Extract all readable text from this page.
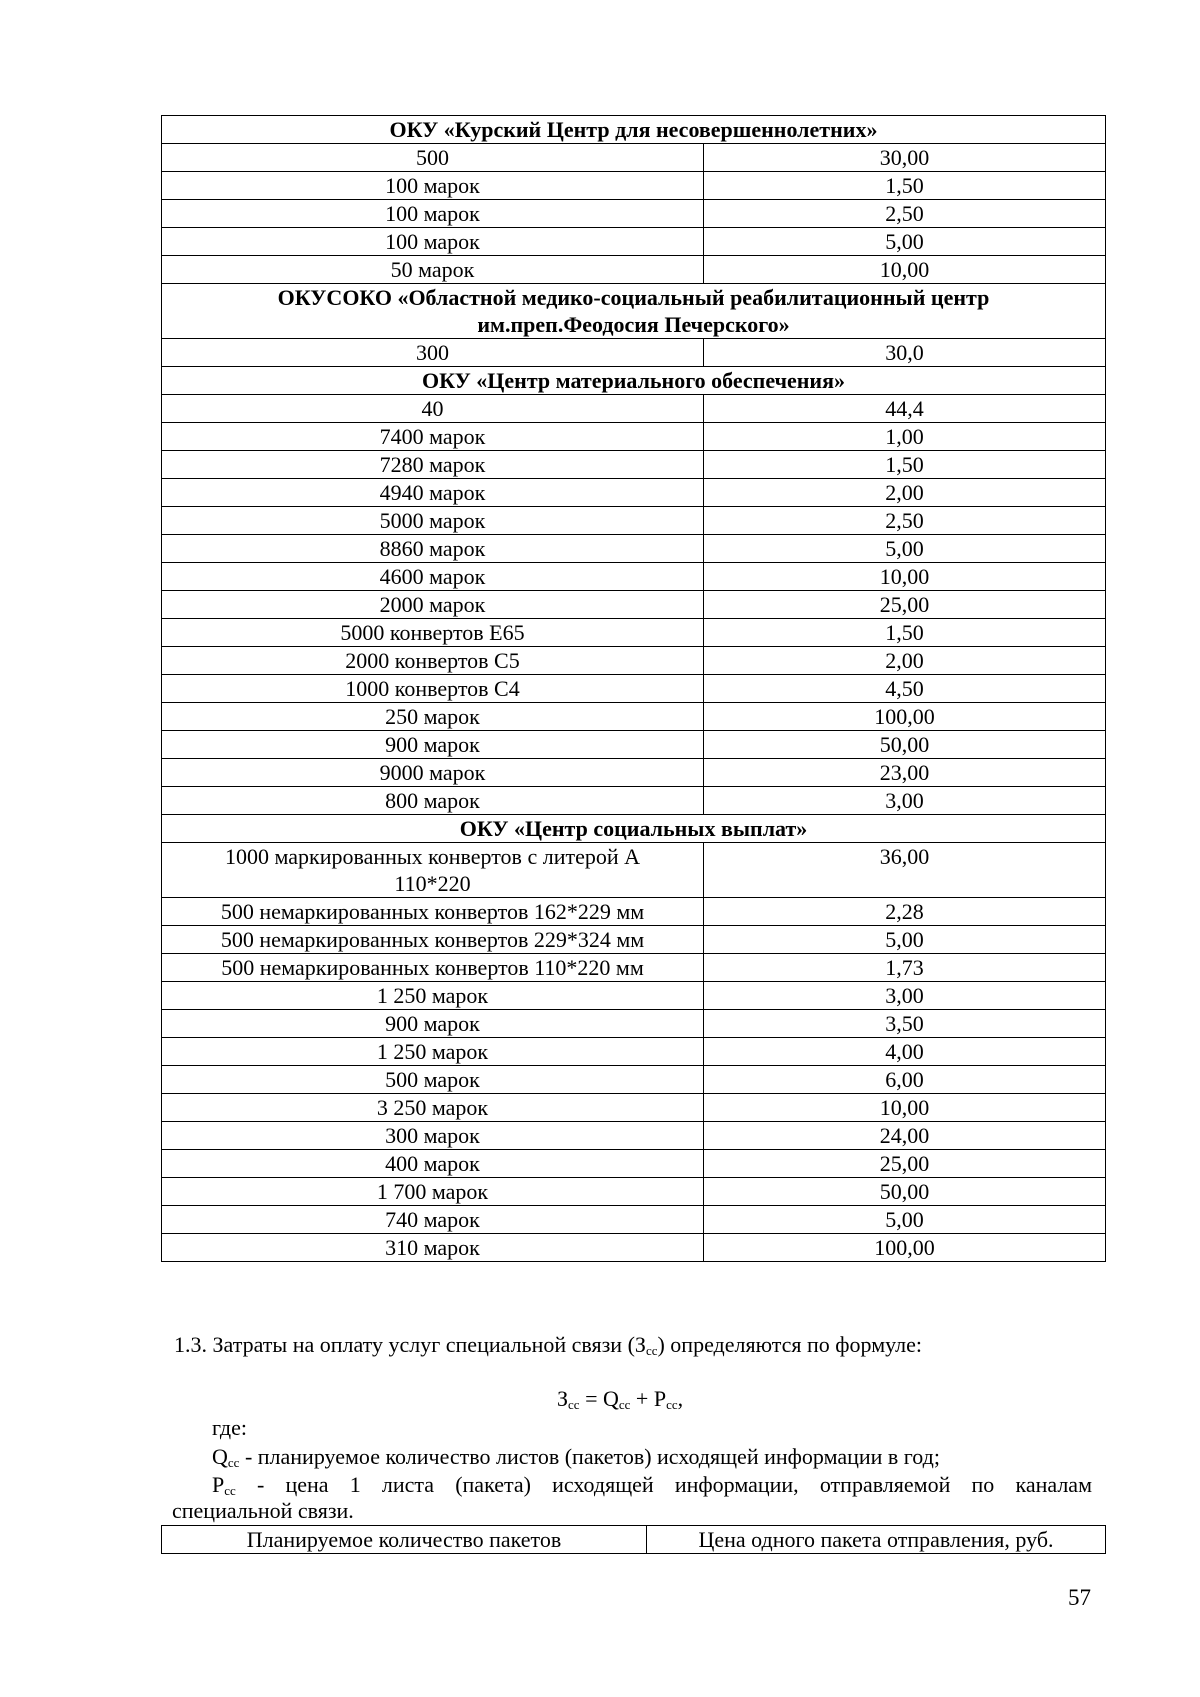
ОКУ «Курский Центр для несовершеннолетних»	
500	30,00
100 марок	1,50
100 марок	2,50
100 марок	5,00
50 марок	10,00
ОКУСОКО «Областной медико-социальный реабилитационный центр им.преп.Феодосия Печерского»	
300	30,0
ОКУ «Центр материального обеспечения»	
40	44,4
7400 марок	1,00
7280 марок	1,50
4940 марок	2,00
5000 марок	2,50
8860 марок	5,00
4600 марок	10,00
2000 марок	25,00
5000 конвертов Е65	1,50
2000 конвертов С5	2,00
1000 конвертов С4	4,50
250 марок	100,00
900 марок	50,00
9000 марок	23,00
800 марок	3,00
ОКУ «Центр социальных выплат»	
1000 маркированных конвертов с литерой А 110*220	36,00
500 немаркированных конвертов 162*229 мм	2,28
500 немаркированных конвертов 229*324 мм	5,00
500 немаркированных конвертов 110*220 мм	1,73
1 250 марок	3,00
900 марок	3,50
1 250 марок	4,00
500 марок	6,00
3 250 марок	10,00
300 марок	24,00
400 марок	25,00
1 700 марок	50,00
740 марок	5,00
310 марок	100,00

1.3. Затраты на оплату услуг специальной связи $(З_{сс})$ определяются по формуле:

$З_{сс} = Q_{сс} + P_{сс}$,

где:

$Q_{сс}$ - планируемое количество листов (пакетов) исходящей информации в год;

$P_{сс}$ - цена 1 листа (пакета) исходящей информации, отправляемой по каналам

специальной связи.

Планируемое количество пакетов	Цена одного пакета отправления, руб.
57
